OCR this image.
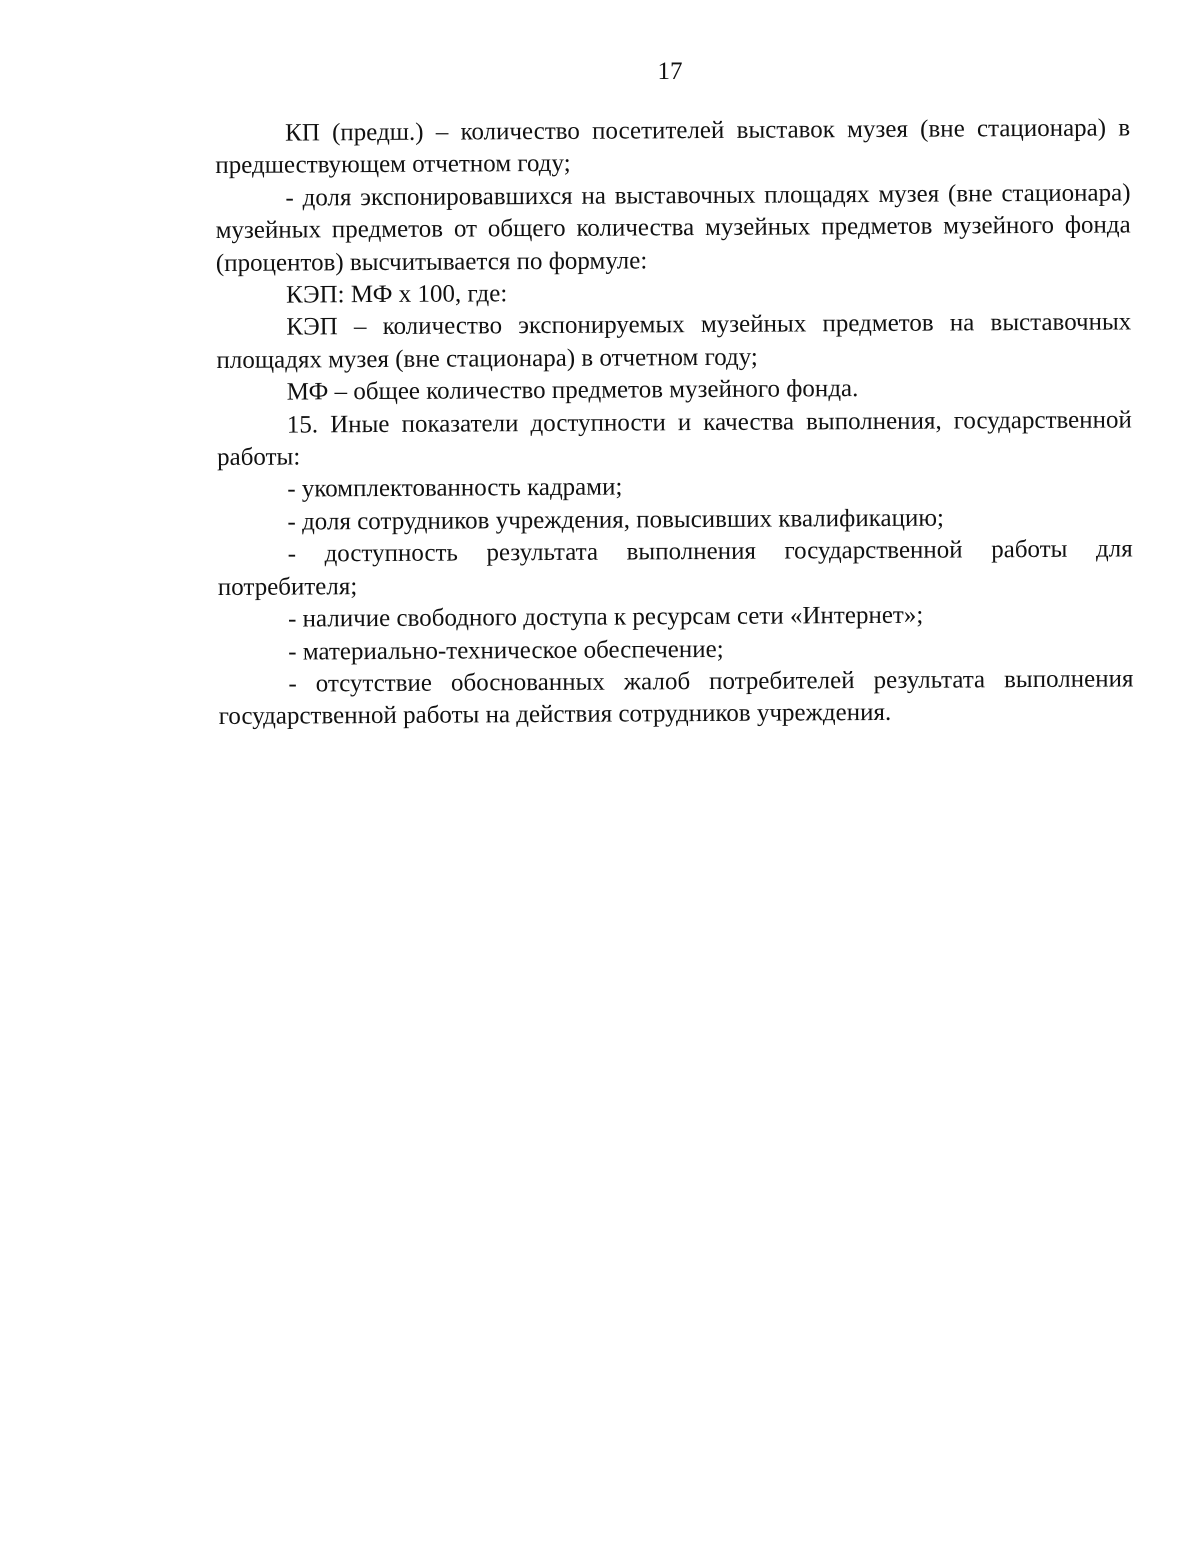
17

КП (предш.) – количество посетителей выставок музея (вне стационара) в предшествующем отчетном году;

- доля экспонировавшихся на выставочных площадях музея (вне стационара) музейных предметов от общего количества музейных предметов музейного фонда (процентов) высчитывается по формуле:

КЭП: МФ х 100, где:

КЭП – количество экспонируемых музейных предметов на выставочных площадях музея (вне стационара) в отчетном году;

МФ – общее количество предметов музейного фонда.

15. Иные показатели доступности и качества выполнения, государственной работы:

- укомплектованность кадрами;

- доля сотрудников учреждения, повысивших квалификацию;

- доступность результата выполнения государственной работы для потребителя;

- наличие свободного доступа к ресурсам сети «Интернет»;

- материально-техническое обеспечение;

- отсутствие обоснованных жалоб потребителей результата выполнения государственной работы на действия сотрудников учреждения.
